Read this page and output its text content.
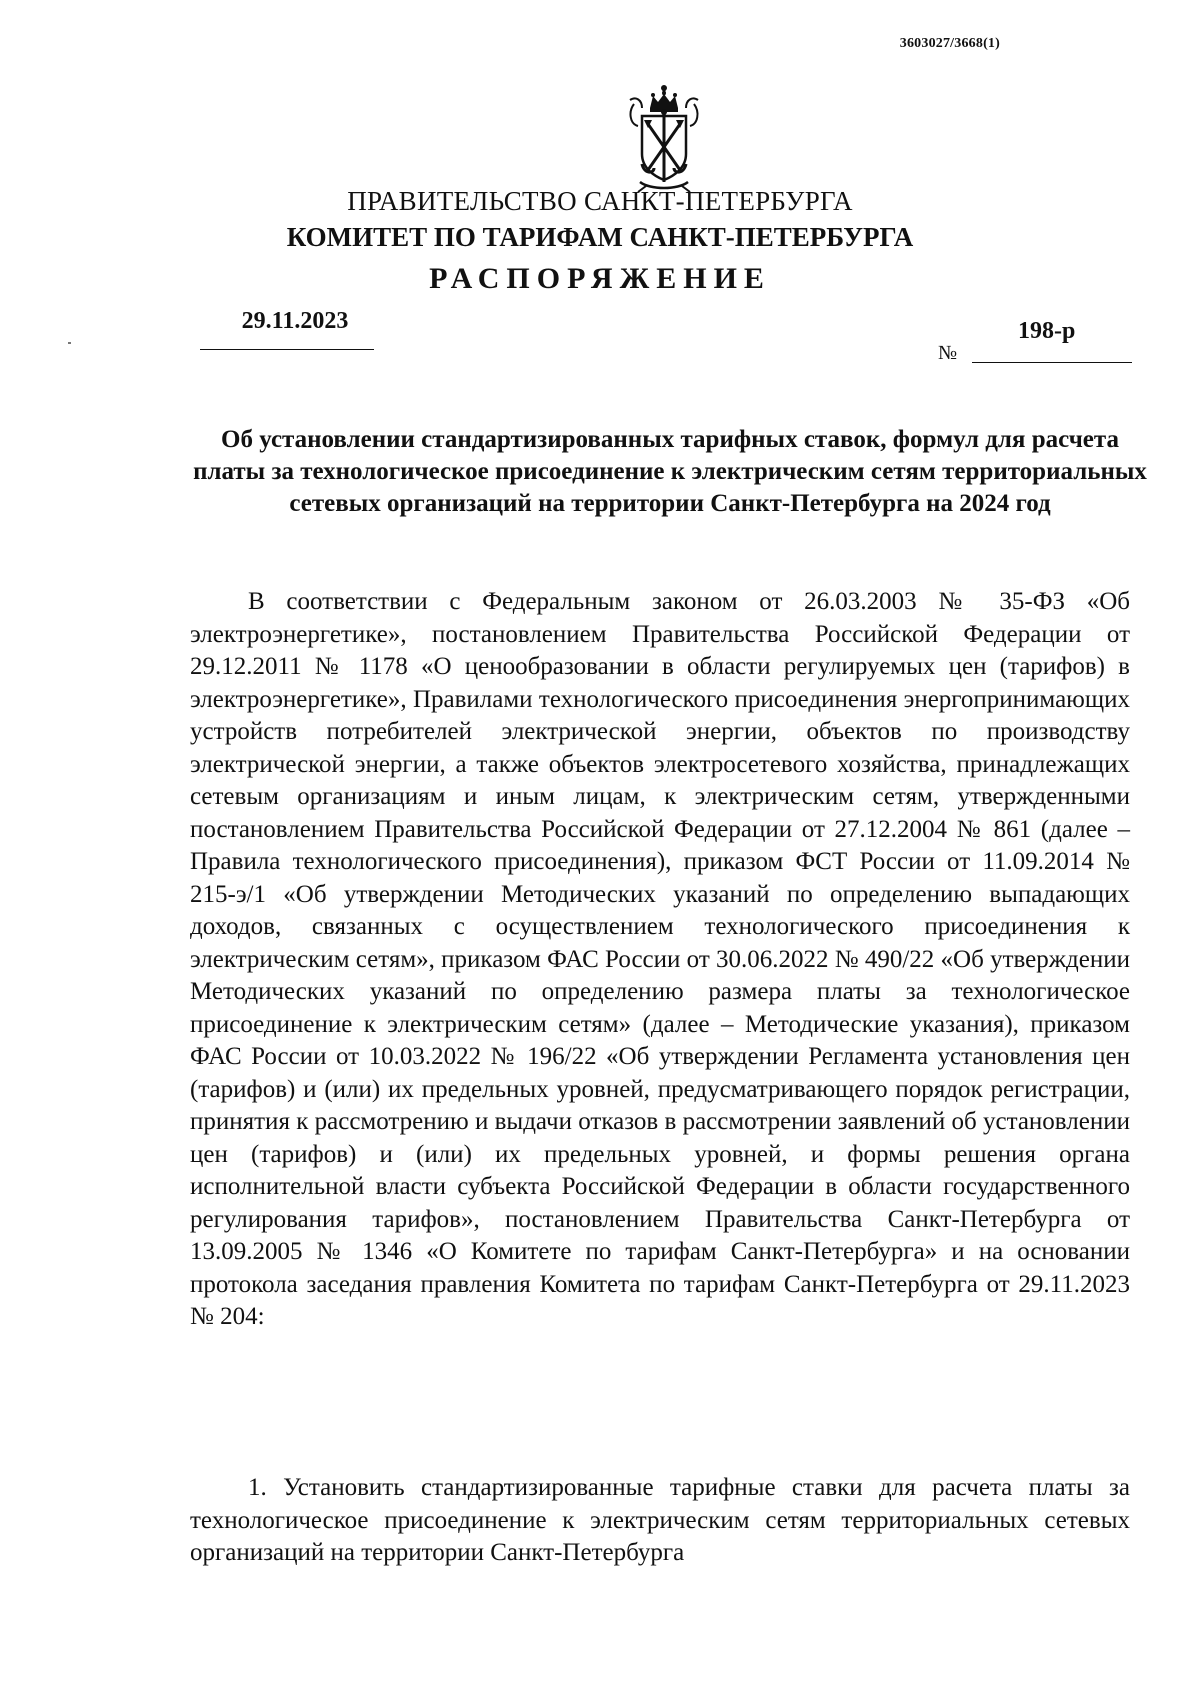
3603027/3668(1)
ПРАВИТЕЛЬСТВО САНКТ-ПЕТЕРБУРГА
КОМИТЕТ ПО ТАРИФАМ САНКТ-ПЕТЕРБУРГА
РАСПОРЯЖЕНИЕ
29.11.2023
№
198-р
Об установлении стандартизированных тарифных ставок, формул для расчета платы за технологическое присоединение к электрическим сетям территориальных сетевых организаций на территории Санкт-Петербурга на 2024 год

В соответствии с Федеральным законом от 26.03.2003 № 35-ФЗ «Об электроэнергетике», постановлением Правительства Российской Федерации от 29.12.2011 № 1178 «О ценообразовании в области регулируемых цен (тарифов) в электроэнергетике», Правилами технологического присоединения энергопринимающих устройств потребителей электрической энергии, объектов по производству электрической энергии, а также объектов электросетевого хозяйства, принадлежащих сетевым организациям и иным лицам, к электрическим сетям, утвержденными постановлением Правительства Российской Федерации от 27.12.2004 № 861 (далее – Правила технологического присоединения), приказом ФСТ России от 11.09.2014 № 215-э/1 «Об утверждении Методических указаний по определению выпадающих доходов, связанных с осуществлением технологического присоединения к электрическим сетям», приказом ФАС России от 30.06.2022 № 490/22 «Об утверждении Методических указаний по определению размера платы за технологическое присоединение к электрическим сетям» (далее – Методические указания), приказом ФАС России от 10.03.2022 № 196/22 «Об утверждении Регламента установления цен (тарифов) и (или) их предельных уровней, предусматривающего порядок регистрации, принятия к рассмотрению и выдачи отказов в рассмотрении заявлений об установлении цен (тарифов) и (или) их предельных уровней, и формы решения органа исполнительной власти субъекта Российской Федерации в области государственного регулирования тарифов», постановлением Правительства Санкт-Петербурга от 13.09.2005 № 1346 «О Комитете по тарифам Санкт-Петербурга» и на основании протокола заседания правления Комитета по тарифам Санкт-Петербурга от 29.11.2023 № 204:

1. Установить стандартизированные тарифные ставки для расчета платы за технологическое присоединение к электрическим сетям территориальных сетевых организаций на территории Санкт-Петербурга
